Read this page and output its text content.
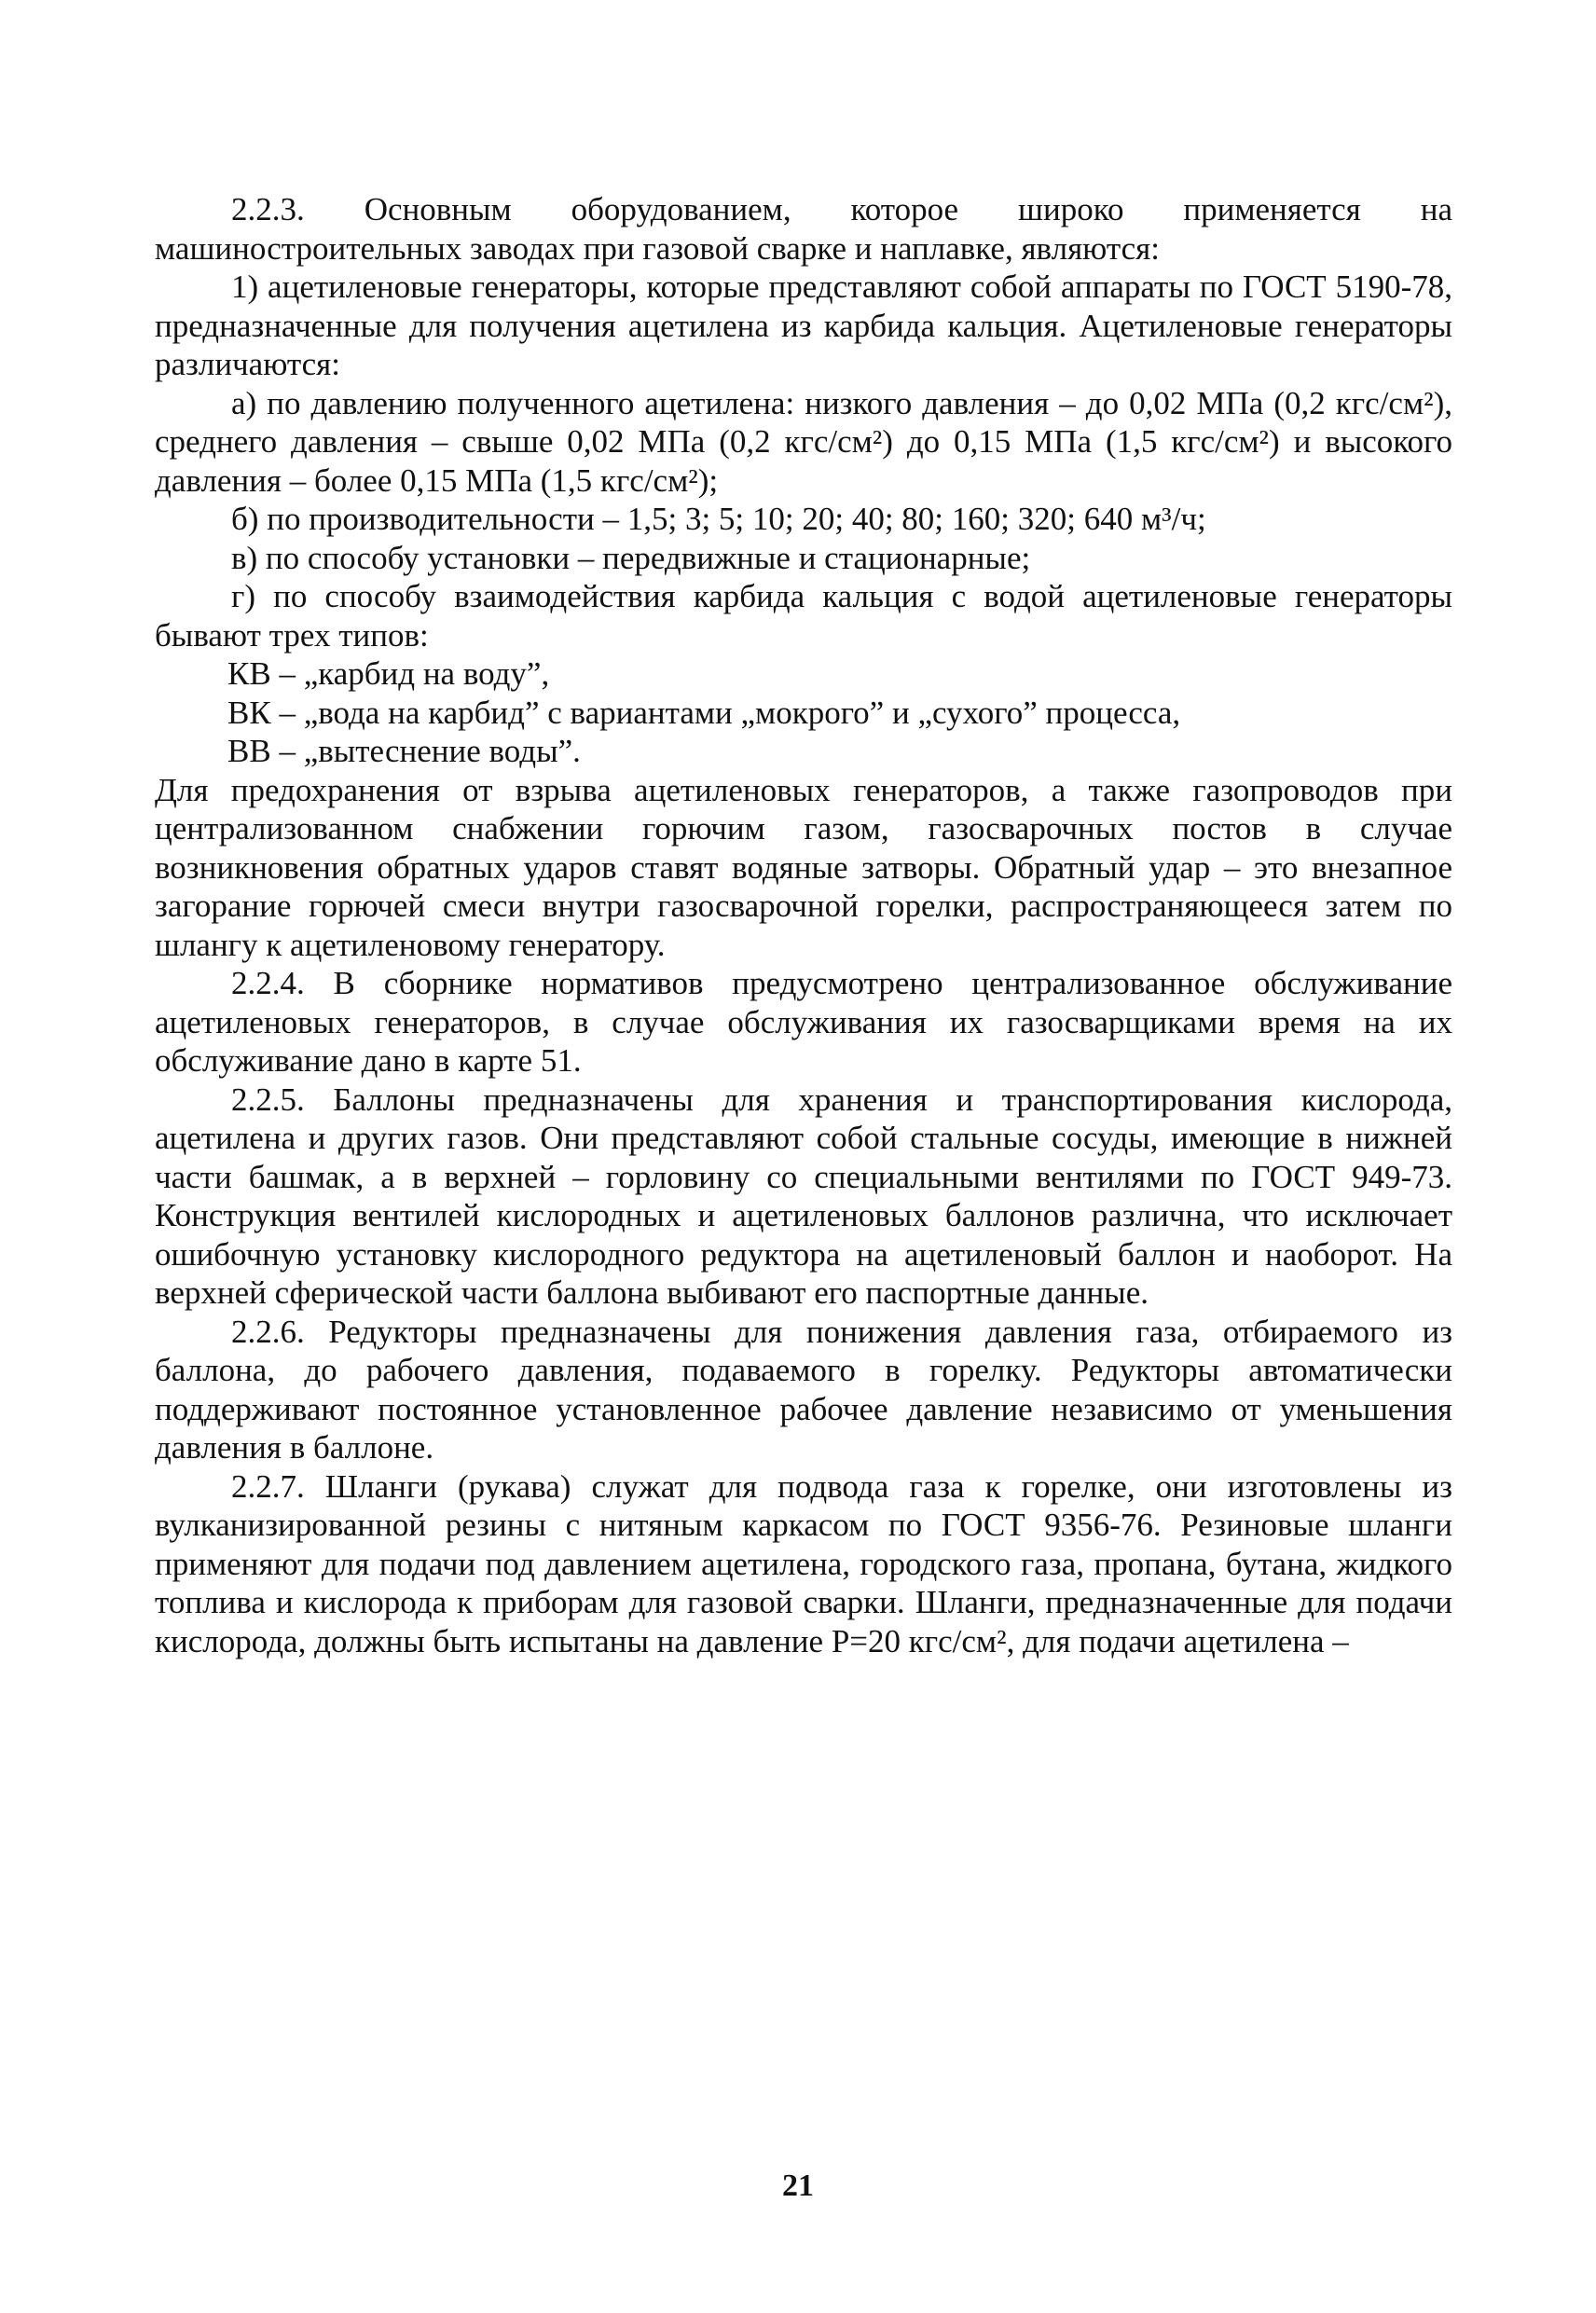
2.2.3. Основным оборудованием, которое широко применяется на машиностроительных заводах при газовой сварке и наплавке, являются:

1) ацетиленовые генераторы, которые представляют собой аппараты по ГОСТ 5190-78, предназначенные для получения ацетилена из карбида кальция. Ацетиленовые генераторы различаются:

а) по давлению полученного ацетилена: низкого давления – до 0,02 МПа (0,2 кгс/см²), среднего давления – свыше 0,02 МПа (0,2 кгс/см²) до 0,15 МПа (1,5 кгс/см²) и высокого давления – более 0,15 МПа (1,5 кгс/см²);

б) по производительности – 1,5; 3; 5; 10; 20; 40; 80; 160; 320; 640 м³/ч;

в) по способу установки – передвижные и стационарные;

г) по способу взаимодействия карбида кальция с водой ацетиленовые генераторы бывают трех типов:

КВ – „карбид на воду”,

ВК – „вода на карбид” с вариантами „мокрого” и „сухого” процесса,

ВВ – „вытеснение воды”.

Для предохранения от взрыва ацетиленовых генераторов, а также газопроводов при централизованном снабжении горючим газом, газосварочных постов в случае возникновения обратных ударов ставят водяные затворы. Обратный удар – это внезапное загорание горючей смеси внутри газосварочной горелки, распространяющееся затем по шлангу к ацетиленовому генератору.

2.2.4. В сборнике нормативов предусмотрено централизованное обслуживание ацетиленовых генераторов, в случае обслуживания их газосварщиками время на их обслуживание дано в карте 51.

2.2.5. Баллоны предназначены для хранения и транспортирования кислорода, ацетилена и других газов. Они представляют собой стальные сосуды, имеющие в нижней части башмак, а в верхней – горловину со специальными вентилями по ГОСТ 949-73. Конструкция вентилей кислородных и ацетиленовых баллонов различна, что исключает ошибочную установку кислородного редуктора на ацетиленовый баллон и наоборот. На верхней сферической части баллона выбивают его паспортные данные.

2.2.6. Редукторы предназначены для понижения давления газа, отбираемого из баллона, до рабочего давления, подаваемого в горелку. Редукторы автоматически поддерживают постоянное установленное рабочее давление независимо от уменьшения давления в баллоне.

2.2.7. Шланги (рукава) служат для подвода газа к горелке, они изготовлены из вулканизированной резины с нитяным каркасом по ГОСТ 9356-76. Резиновые шланги применяют для подачи под давлением ацетилена, городского газа, пропана, бутана, жидкого топлива и кислорода к приборам для газовой сварки. Шланги, предназначенные для подачи кислорода, должны быть испытаны на давление Р=20 кгс/см², для подачи ацетилена –

21
